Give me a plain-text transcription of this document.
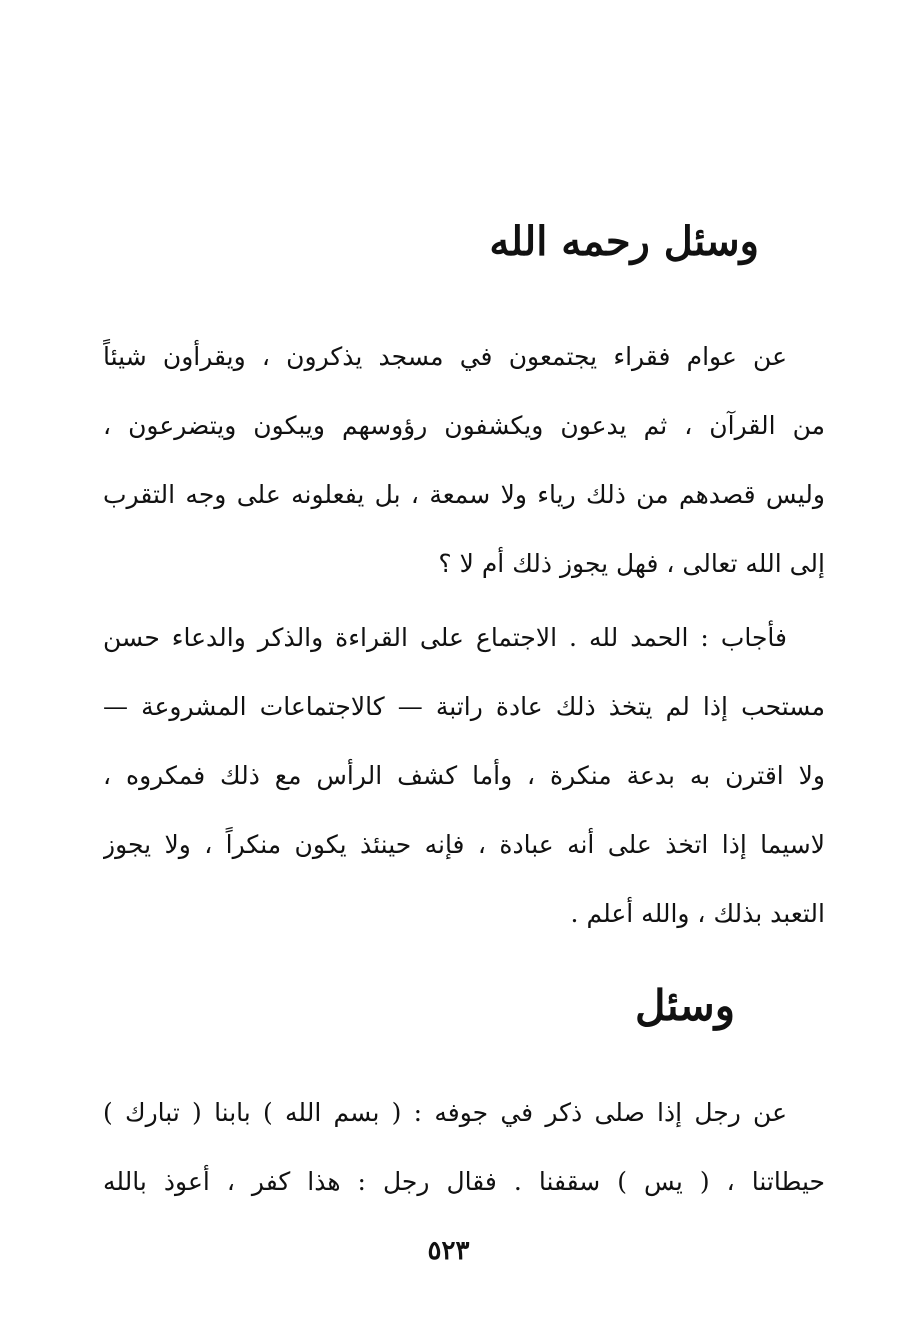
وسئل رحمه الله
عن عوام فقراء يجتمعون في مسجد يذكرون ، ويقرأون شيئاً
من القرآن ، ثم يدعون ويكشفون رؤوسهم ويبكون ويتضرعون ،
وليس قصدهم من ذلك رياء ولا سمعة ، بل يفعلونه على وجه التقرب
إلى الله تعالى ، فهل يجوز ذلك أم لا ؟
فأجاب : الحمد لله . الاجتماع على القراءة والذكر والدعاء حسن
مستحب إذا لم يتخذ ذلك عادة راتبة — كالاجتماعات المشروعة —
ولا اقترن به بدعة منكرة ، وأما كشف الرأس مع ذلك فمكروه ،
لاسيما إذا اتخذ على أنه عبادة ، فإنه حينئذ يكون منكراً ، ولا يجوز
التعبد بذلك ، والله أعلم .
وسئل
عن رجل إذا صلى ذكر في جوفه : ( بسم الله ) بابنا ( تبارك )
حيطاتنا ، ( يس ) سقفنا . فقال رجل : هذا كفر ، أعوذ بالله
٥٢٣
